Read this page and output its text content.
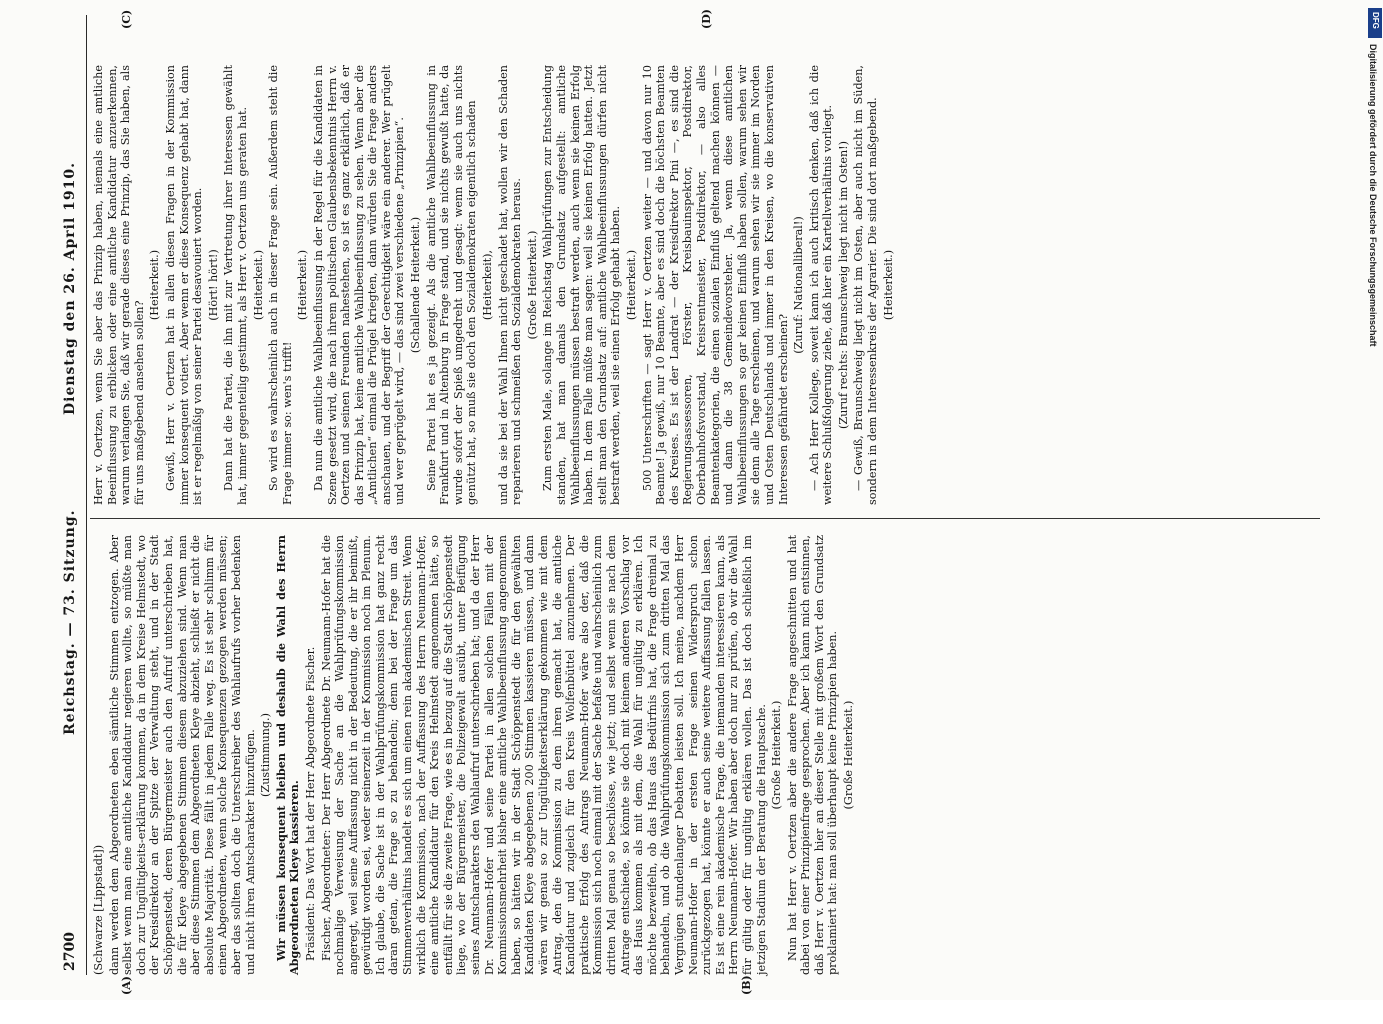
2700
Reichstag. — 73. Sitzung.
Dienstag den 26. April 1910.
(A)	(B)
(C)	(D)

(Schwarze [Lippstadt]) dann werden dem Abgeordneten eben sämtliche Stimmen entzogen. Aber selbst wenn man eine amtliche Kandidatur negieren wollte, so müßte man doch zur Ungültigkeits-erklärung kommen, da in dem Kreise Helmstedt, wo der Kreisdirektor an der Spitze der Verwaltung steht, und in der Stadt Schöppenstedt, deren Bürgermeister auch den Aufruf unterschrieben hat, die für Kleye abgegebenen Stimmen diesem abzuziehen sind. Wenn man aber diese Stimmen dem Abgeordneten Kleye abzieht, schließt er nicht die absolute Majorität. Diese fällt in jedem Falle weg. Es ist sehr schlimm für einen Abgeordneten, wenn solche Konsequenzen gezogen werden müssen; aber das sollten doch die Unterschreiber des Wahlaufrufs vorher bedenken und nicht ihren Amtscharakter hinzufügen. (Zustimmung.) Wir müssen konsequent bleiben und deshalb die Wahl des Herrn Abgeordneten Kleye kassieren. Präsident: Das Wort hat der Herr Abgeordnete Fischer. Fischer, Abgeordneter: Der Herr Abgeordnete Dr. Neumann-Hofer hat die nochmalige Verweisung der Sache an die Wahlprüfungskommission angeregt, weil seine Auffassung nicht in der Bedeutung, die er ihr beimißt, gewürdigt worden sei, weder seinerzeit in der Kommission noch im Plenum. Ich glaube, die Sache ist in der Wahlprüfungskommission hat ganz recht daran getan, die Frage so zu behandeln; denn bei der Frage um das Stimmenverhältnis handelt es sich um einen rein akademischen Streit. Wenn wirklich die Kommission, nach der Auffassung des Herrn Neumann-Hofer, eine amtliche Kandidatur für den Kreis Helmstedt angenommen hätte, so entfällt für sie die zweite Frage, wie es in bezug auf die Stadt Schöppenstedt liege, wo der Bürgermeister, die Polizeigewalt ausübt, unter Beifügung seines Amtscharakters den Wahlaufruf unterschrieben hat; und da der Herr Dr. Neumann-Hofer und seine Partei in allen solchen Fällen mit der Kommissionsmehrheit bisher eine amtliche Wahlbeeinflussung angenommen haben, so hätten wir in der Stadt Schöppenstedt die für den gewählten Kandidaten Kleye abgegebenen 200 Stimmen kassieren müssen, und dann wären wir genau so zur Ungültigkeitserklärung gekommen wie mit dem Antrag, den die Kommission zu dem ihren gemacht hat, die amtliche Kandidatur und zugleich für den Kreis Wolfenbüttel anzunehmen. Der praktische Erfolg des Antrags Neumann-Hofer wäre also der, daß die Kommission sich noch einmal mit der Sache befaßte und wahrscheinlich zum dritten Mal genau so beschlösse, wie jetzt; und selbst wenn sie nach dem Antrage entschiede, so könnte sie doch mit keinem anderen Vorschlag vor das Haus kommen als mit dem, die Wahl für ungültig zu erklären. Ich möchte bezweifeln, ob das Haus das Bedürfnis hat, die Frage dreimal zu behandeln, und ob die Wahlprüfungskommission sich zum dritten Mal das Vergnügen stundenlanger Debatten leisten soll. Ich meine, nachdem Herr Neumann-Hofer in der ersten Frage seinen Widerspruch schon zurückgezogen hat, könnte er auch seine weitere Auffassung fallen lassen. Es ist eine rein akademische Frage, die niemanden interessieren kann, als Herrn Neumann-Hofer. Wir haben aber doch nur zu prüfen, ob wir die Wahl für gültig oder für ungültig erklären wollen. Das ist doch schließlich im jetzigen Stadium der Beratung die Hauptsache. (Große Heiterkeit.) Nun hat Herr v. Oertzen aber die andere Frage angeschnitten und hat dabei von einer Prinzipienfrage gesprochen. Aber ich kann mich entsinnen, daß Herr v. Oertzen hier an dieser Stelle mit großem Wort den Grundsatz proklamiert hat: man soll überhaupt keine Prinzipien haben. (Große Heiterkeit.)

Herr v. Oertzen, wenn Sie aber das Prinzip haben, niemals eine amtliche Beeinflussung zu erblicken oder eine amtliche Kandidatur anzuerkennen, warum verlangen Sie, daß wir gerade dieses eine Prinzip, das Sie haben, als für uns maßgebend ansehen sollen?

(Heiterkeit.) Gewiß, Herr v. Oertzen hat in allen diesen Fragen in der Kommission immer konsequent votiert. Aber wenn er diese Konsequenz gehabt hat, dann ist er regelmäßig von seiner Partei desavouiert worden. (Hört! hört!) Dann hat die Partei, die ihn mit zur Vertretung ihrer Interessen gewählt hat, immer gegenteilig gestimmt, als Herr v. Oertzen uns geraten hat. (Heiterkeit.) So wird es wahrscheinlich auch in dieser Frage sein. Außerdem steht die Frage immer so: wen's trifft!

(Heiterkeit.) Da nun die amtliche Wahlbeeinflussung in der Regel für die Kandidaten in Szene gesetzt wird, die nach ihrem politischen Glaubensbekenntnis Herrn v. Oertzen und seinen Freunden nahestehen, so ist es ganz erklärlich, daß er das Prinzip hat, keine amtliche Wahlbeeinflussung zu sehen. Wenn aber die „Amtlichen“ einmal die Prügel kriegten, dann würden Sie die Frage anders anschauen, und der Begriff der Gerechtigkeit wäre ein anderer. Wer prügelt und wer geprügelt wird, — das sind zwei verschiedene „Prinzipien“. (Schallende Heiterkeit.) Seine Partei hat es ja gezeigt. Als die amtliche Wahlbeeinflussung in Frankfurt und in Altenburg in Frage stand, und sie nichts gewußt hatte, da wurde sofort der Spieß umgedreht und gesagt: wenn sie auch uns nichts genützt hat, so muß sie doch den Sozialdemokraten eigentlich schaden (Heiterkeit), und da sie bei der Wahl Ihnen nicht geschadet hat, wollen wir den Schaden reparieren und schmeißen den Sozialdemokraten heraus. (Große Heiterkeit.) Zum ersten Male, solange im Reichstag Wahlprüfungen zur Entscheidung standen, hat man damals den Grundsatz aufgestellt: amtliche Wahlbeeinflussungen müssen bestraft werden, auch wenn sie keinen Erfolg haben. In dem Falle müßte man sagen: weil sie keinen Erfolg hatten. Jetzt stellt man den Grundsatz auf: amtliche Wahlbeeinflussungen dürfen nicht bestraft werden, weil sie einen Erfolg gehabt haben. (Heiterkeit.) 500 Unterschriften — sagt Herr v. Oertzen weiter — und davon nur 10 Beamte! Ja gewiß, nur 10 Beamte, aber es sind doch die höchsten Beamten des Kreises. Es ist der Landrat — der Kreisdirektor Pini —, es sind die Regierungsassessoren, Förster, Kreisbauinspektor, Postdirektor, Oberbahnhofsvorstand, Kreisrentmeister, Postdirektor, — also alles Beamtenkategorien, die einen sozialen Einfluß geltend machen können — und dann die 38 Gemeindevorsteher. Ja, wenn diese amtlichen Wahlbeeinflussungen so gar keinen Einfluß haben sollen, warum sehen wir sie denn alle Tage erscheinen, und warum sehen wir sie immer im Norden und Osten Deutschlands und immer in den Kreisen, wo die konservativen Interessen gefährdet erscheinen?

(Zuruf: Nationalliberal!) — Ach Herr Kollege, soweit kann ich auch kritisch denken, daß ich die weitere Schlußfolgerung ziehe, daß hier ein Kartellverhältnis vorliegt. (Zuruf rechts: Braunschweig liegt nicht im Osten!) — Gewiß, Braunschweig liegt nicht im Osten, aber auch nicht im Süden, sondern in dem Interessenkreis der Agrarier. Die sind dort maßgebend. (Heiterkeit.)

DFG
Digitalisierung gefördert durch die Deutsche Forschungsgemeinschaft
